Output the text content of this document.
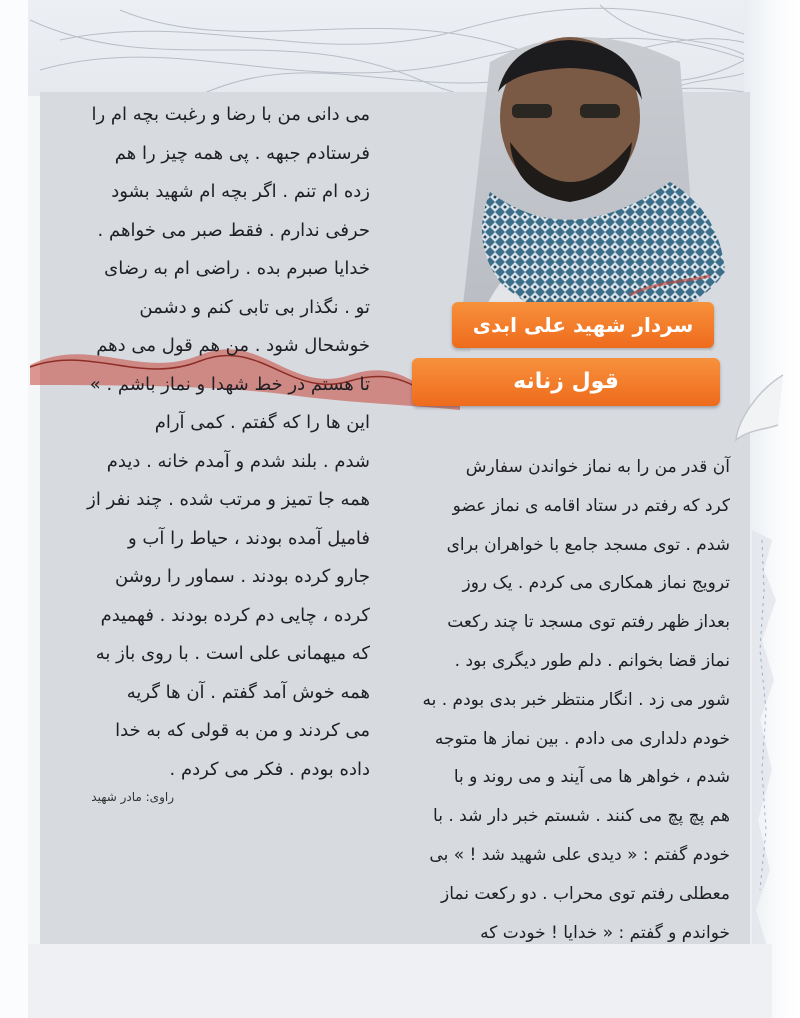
سردار شهید علی ابدی
قول زنانه
می دانی من با رضا و رغبت بچه ام را
فرستادم جبهه . پی همه چیز را هم
زده ام تنم . اگر بچه ام شهید بشود
حرفی ندارم . فقط صبر می خواهم .
خدایا صبرم بده . راضی ام به رضای
تو . نگذار بی تابی کنم و دشمن
خوشحال شود . من هم قول می دهم
تا هستم در خط شهدا و نماز باشم . »
این ها را که گفتم . کمی آرام
شدم . بلند شدم و آمدم خانه . دیدم
همه جا تمیز و مرتب شده . چند نفر از
فامیل آمده بودند ، حیاط را آب و
جارو کرده بودند . سماور را روشن
کرده ، چایی دم کرده بودند . فهمیدم
که میهمانی علی است . با روی باز به
همه خوش آمد گفتم . آن ها گریه
می کردند و من به قولی که به خدا
داده بودم . فکر می کردم .
راوی: مادر شهید
آن قدر من را به نماز خواندن سفارش
کرد که رفتم در ستاد اقامه ی نماز عضو
شدم . توی مسجد جامع با خواهران برای
ترویج نماز همکاری می کردم . یک روز
بعداز ظهر رفتم توی مسجد تا چند رکعت
نماز قضا بخوانم . دلم طور دیگری بود .
شور می زد . انگار منتظر خبر بدی بودم . به
خودم دلداری می دادم . بین نماز ها متوجه
شدم ، خواهر ها می آیند و می روند و با
هم پچ پچ می کنند . شستم خبر دار شد . با
خودم گفتم : « دیدی علی شهید شد ! » بی
معطلی رفتم توی محراب . دو رکعت نماز
خواندم و گفتم : « خدایا ! خودت که
